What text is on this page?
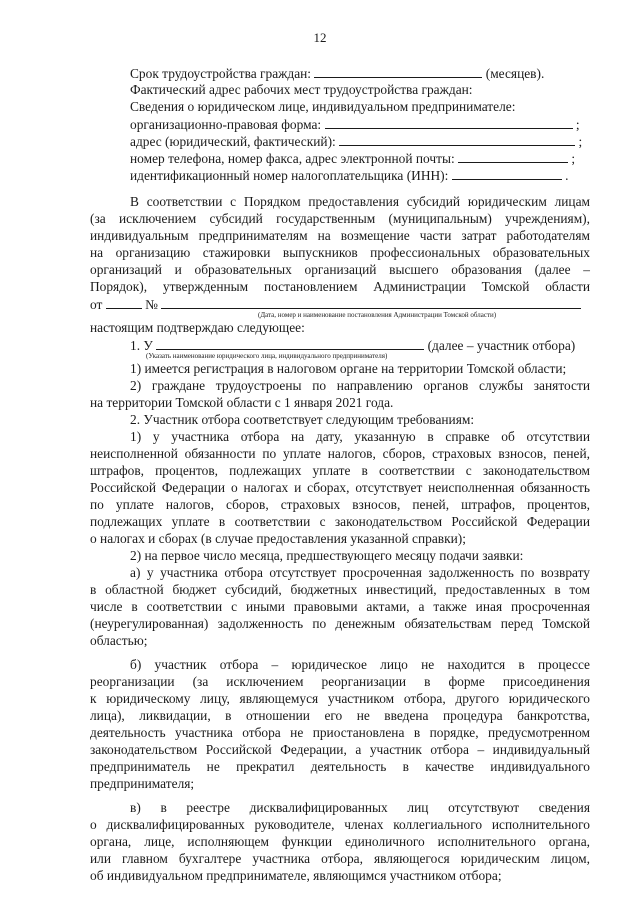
12
Срок трудоустройства граждан:	(месяцев).
Фактический адрес рабочих мест трудоустройства граждан:
Сведения о юридическом лице, индивидуальном предпринимателе:
организационно-правовая форма:	;
адрес (юридический, фактический):	;
номер телефона, номер факса, адрес электронной почты:	;
идентификационный номер налогоплательщика (ИНН):	.
В соответствии с Порядком предоставления субсидий юридическим лицам
(за исключением субсидий государственным (муниципальным) учреждениям),
индивидуальным предпринимателям на возмещение части затрат работодателям
на организацию стажировки выпускников профессиональных образовательных
организаций и образовательных организаций высшего образования (далее –
Порядок), утвержденным постановлением Администрации Томской области
от	№
(Дата, номер и наименование постановления Администрации Томской области)
настоящим подтверждаю следующее:
1. У	(далее – участник отбора)
(Указать наименование юридического лица, индивидуального предпринимателя)
1) имеется регистрация в налоговом органе на территории Томской области;
2) граждане трудоустроены по направлению органов службы занятости
на территории Томской области с 1 января 2021 года.
2. Участник отбора соответствует следующим требованиям:
1) у участника отбора на дату, указанную в справке об отсутствии
неисполненной обязанности по уплате налогов, сборов, страховых взносов, пеней,
штрафов, процентов, подлежащих уплате в соответствии с законодательством
Российской Федерации о налогах и сборах, отсутствует неисполненная обязанность
по уплате налогов, сборов, страховых взносов, пеней, штрафов, процентов,
подлежащих уплате в соответствии с законодательством Российской Федерации
о налогах и сборах (в случае предоставления указанной справки);
2) на первое число месяца, предшествующего месяцу подачи заявки:
а) у участника отбора отсутствует просроченная задолженность по возврату
в областной бюджет субсидий, бюджетных инвестиций, предоставленных в том
числе в соответствии с иными правовыми актами, а также иная просроченная
(неурегулированная) задолженность по денежным обязательствам перед Томской
областью;
б) участник отбора – юридическое лицо не находится в процессе
реорганизации (за исключением реорганизации в форме присоединения
к юридическому лицу, являющемуся участником отбора, другого юридического
лица), ликвидации, в отношении его не введена процедура банкротства,
деятельность участника отбора не приостановлена в порядке, предусмотренном
законодательством Российской Федерации, а участник отбора – индивидуальный
предприниматель не прекратил деятельность в качестве индивидуального
предпринимателя;
в) в реестре дисквалифицированных лиц отсутствуют сведения
о дисквалифицированных руководителе, членах коллегиального исполнительного
органа, лице, исполняющем функции единоличного исполнительного органа,
или главном бухгалтере участника отбора, являющегося юридическим лицом,
об индивидуальном предпринимателе, являющимся участником отбора;
